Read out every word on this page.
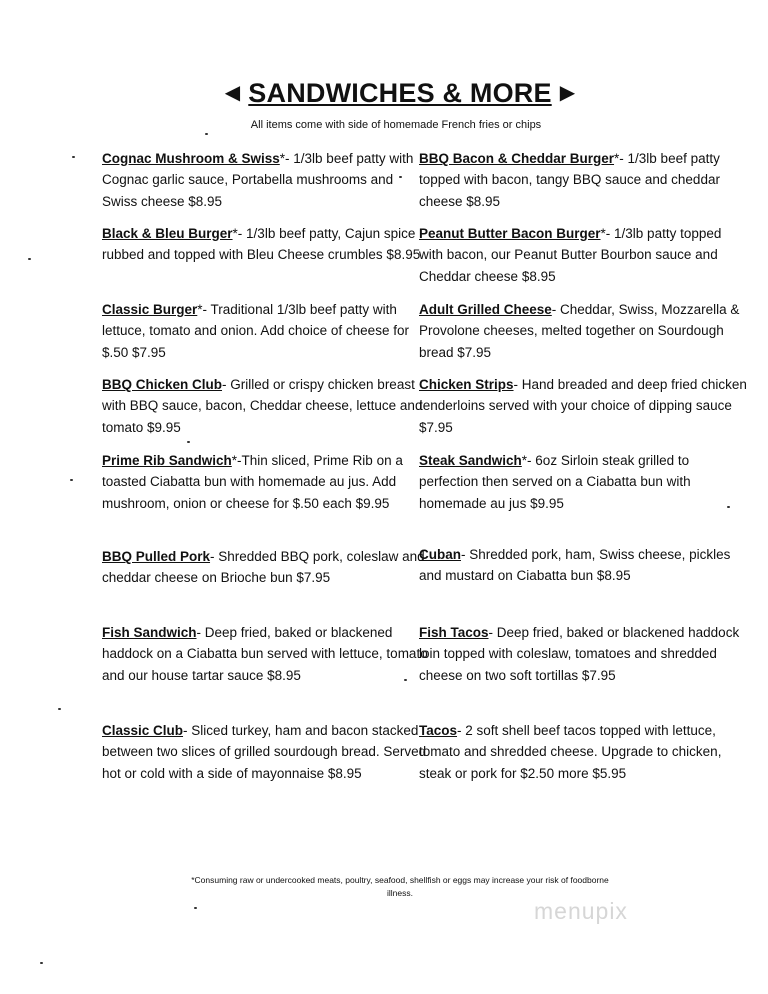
◀ SANDWICHES & MORE ▶
All items come with side of homemade French fries or chips
Cognac Mushroom & Swiss*- 1/3lb beef patty with Cognac garlic sauce, Portabella mushrooms and Swiss cheese $8.95
Black & Bleu Burger*- 1/3lb beef patty, Cajun spice rubbed and topped with Bleu Cheese crumbles $8.95
Classic Burger*- Traditional 1/3lb beef patty with lettuce, tomato and onion. Add choice of cheese for $.50 $7.95
BBQ Chicken Club- Grilled or crispy chicken breast with BBQ sauce, bacon, Cheddar cheese, lettuce and tomato $9.95
Prime Rib Sandwich*-Thin sliced, Prime Rib on a toasted Ciabatta bun with homemade au jus. Add mushroom, onion or cheese for $.50 each $9.95
BBQ Pulled Pork- Shredded BBQ pork, coleslaw and cheddar cheese on Brioche bun $7.95
Fish Sandwich- Deep fried, baked or blackened haddock on a Ciabatta bun served with lettuce, tomato and our house tartar sauce $8.95
Classic Club- Sliced turkey, ham and bacon stacked between two slices of grilled sourdough bread. Served hot or cold with a side of mayonnaise $8.95
BBQ Bacon & Cheddar Burger*- 1/3lb beef patty topped with bacon, tangy BBQ sauce and cheddar cheese $8.95
Peanut Butter Bacon Burger*- 1/3lb patty topped with bacon, our Peanut Butter Bourbon sauce and Cheddar cheese $8.95
Adult Grilled Cheese- Cheddar, Swiss, Mozzarella & Provolone cheeses, melted together on Sourdough bread $7.95
Chicken Strips- Hand breaded and deep fried chicken tenderloins served with your choice of dipping sauce $7.95
Steak Sandwich*- 6oz Sirloin steak grilled to perfection then served on a Ciabatta bun with homemade au jus $9.95
Cuban- Shredded pork, ham, Swiss cheese, pickles and mustard on Ciabatta bun $8.95
Fish Tacos- Deep fried, baked or blackened haddock loin topped with coleslaw, tomatoes and shredded cheese on two soft tortillas $7.95
Tacos- 2 soft shell beef tacos topped with lettuce, tomato and shredded cheese. Upgrade to chicken, steak or pork for $2.50 more $5.95
*Consuming raw or undercooked meats, poultry, seafood, shellfish or eggs may increase your risk of foodborne illness.
menupix
